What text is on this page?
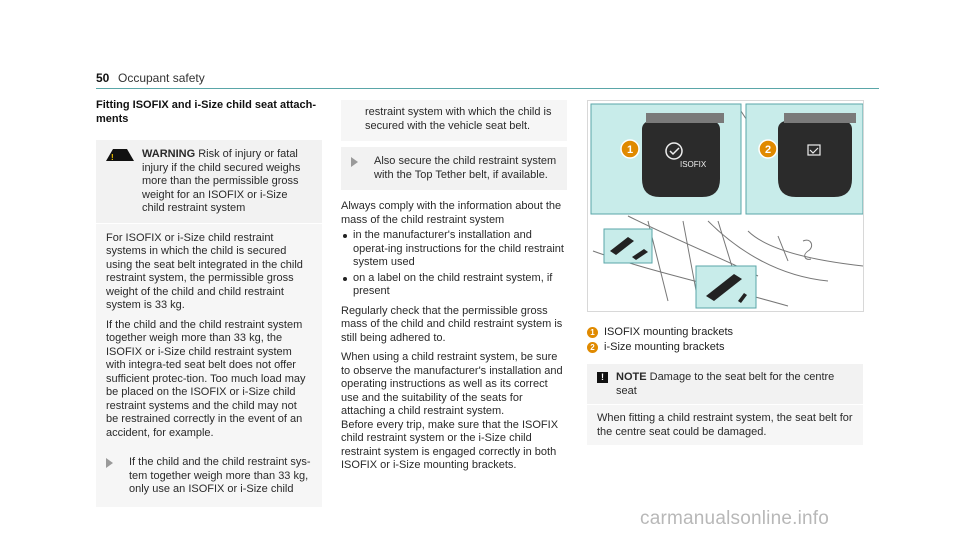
50 Occupant safety
Fitting ISOFIX and i-Size child seat attach-
ments
!	WARNING Risk of injury or fatal injury if the child secured weighs more than the permissible gross weight for an ISOFIX or i-Size child restraint system

For ISOFIX or i-Size child restraint systems in which the child is secured using the seat belt integrated in the child restraint system, the permissible gross weight of the child and child restraint system is 33 kg.

If the child and the child restraint system together weigh more than 33 kg, the ISOFIX or i-Size child restraint system with integra-ted seat belt does not offer sufficient protec-tion. Too much load may be placed on the ISOFIX or i-Size child restraint systems and the child may not be restrained correctly in the event of an accident, for example.

If the child and the child restraint sys-tem together weigh more than 33 kg, only use an ISOFIX or i-Size child
restraint system with which the child is secured with the vehicle seat belt.
Also secure the child restraint system with the Top Tether belt, if available.

Always comply with the information about the mass of the child restraint system

in the manufacturer's installation and operat-ing instructions for the child restraint system used
on a label on the child restraint system, if present

Regularly check that the permissible gross mass of the child and child restraint system is still being adhered to.

When using a child restraint system, be sure to observe the manufacturer's installation and operating instructions as well as its correct use and the suitability of the seats for attaching a child restraint system.

Before every trip, make sure that the ISOFIX child restraint system or the i-Size child restraint system is engaged correctly in both ISOFIX or i-Size mounting brackets.

ISOFIX
1	2
1 ISOFIX mounting brackets
2 i-Size mounting brackets
!	NOTE Damage to the seat belt for the centre seat
When fitting a child restraint system, the seat belt for the centre seat could be damaged.
carmanualsonline.info
